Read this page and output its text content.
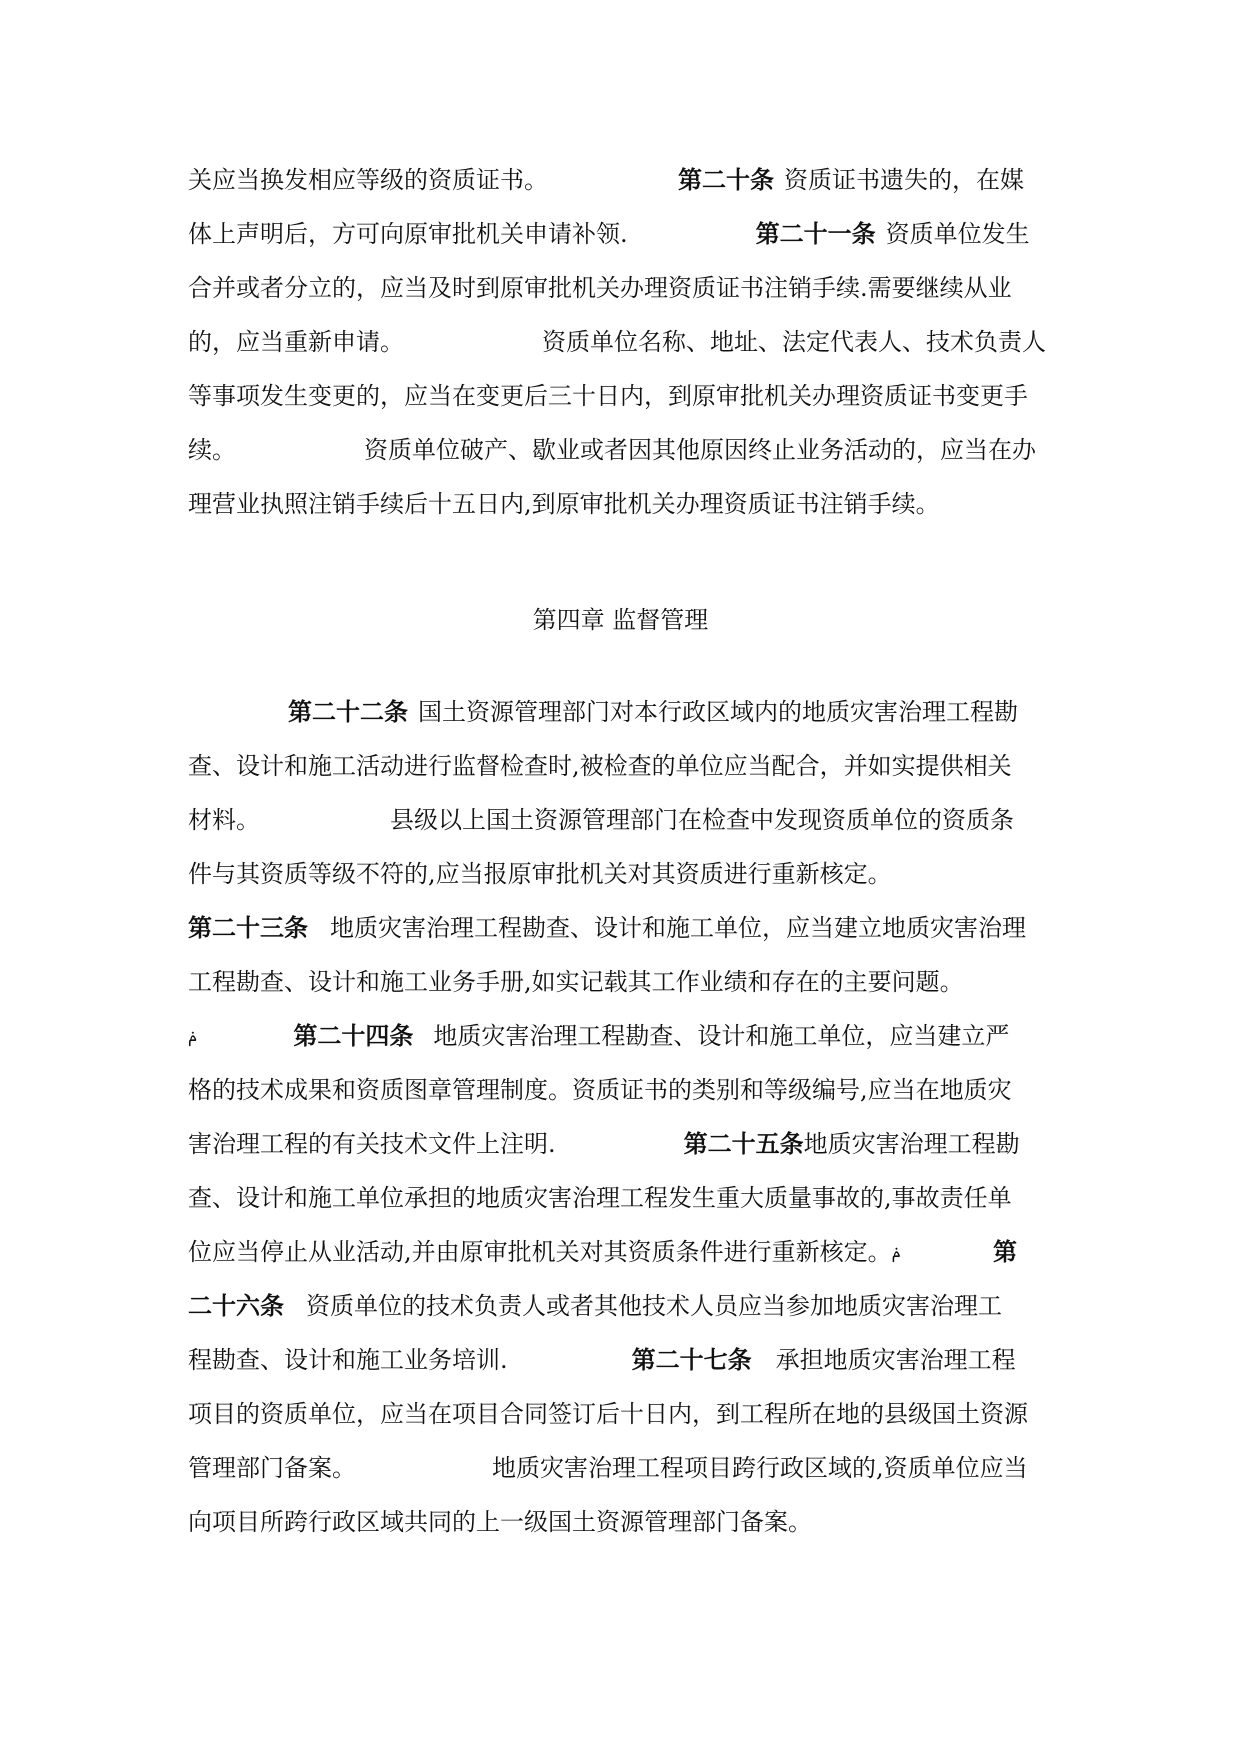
关应当换发相应等级的资质证书。	第二十条 资质证书遗失的，在媒
体上声明后，方可向原审批机关申请补领.	第二十一条 资质单位发生
合并或者分立的，应当及时到原审批机关办理资质证书注销手续.需要继续从业
的，应当重新申请。	资质单位名称、地址、法定代表人、技术负责人
等事项发生变更的，应当在变更后三十日内，到原审批机关办理资质证书变更手
续。	资质单位破产、歇业或者因其他原因终止业务活动的，应当在办
理营业执照注销手续后十五日内,到原审批机关办理资质证书注销手续。
第四章 监督管理
第二十二条 国土资源管理部门对本行政区域内的地质灾害治理工程勘
查、设计和施工活动进行监督检查时,被检查的单位应当配合，并如实提供相关
材料。	县级以上国土资源管理部门在检查中发现资质单位的资质条
件与其资质等级不符的,应当报原审批机关对其资质进行重新核定。
第二十三条 地质灾害治理工程勘查、设计和施工单位，应当建立地质灾害治理
工程勘查、设计和施工业务手册,如实记载其工作业绩和存在的主要问题。
ݥ	第二十四条 地质灾害治理工程勘查、设计和施工单位，应当建立严
格的技术成果和资质图章管理制度。资质证书的类别和等级编号,应当在地质灾
害治理工程的有关技术文件上注明.	第二十五条 地质灾害治理工程勘
查、设计和施工单位承担的地质灾害治理工程发生重大质量事故的,事故责任单
位应当停止从业活动,并由原审批机关对其资质条件进行重新核定。 ݥ	第
二十六条 资质单位的技术负责人或者其他技术人员应当参加地质灾害治理工
程勘查、设计和施工业务培训.	第二十七条 承担地质灾害治理工程
项目的资质单位，应当在项目合同签订后十日内，到工程所在地的县级国土资源
管理部门备案。	地质灾害治理工程项目跨行政区域的,资质单位应当
向项目所跨行政区域共同的上一级国土资源管理部门备案。
